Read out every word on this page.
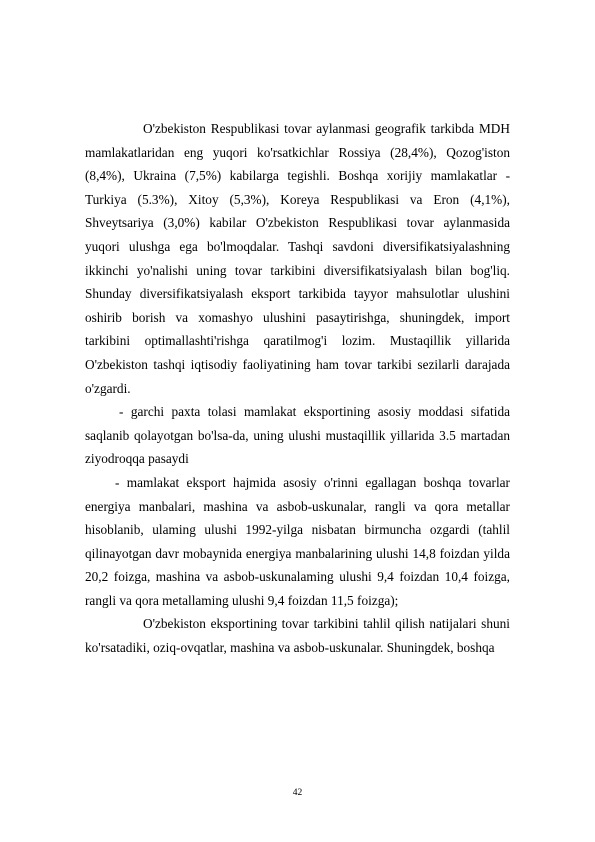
O'zbekiston Respublikasi tovar aylanmasi geografik tarkibda MDH mamlakatlaridan eng yuqori ko'rsatkichlar Rossiya (28,4%), Qozog'iston (8,4%), Ukraina (7,5%) kabilarga tegishli. Boshqa xorijiy mamlakatlar - Turkiya (5.3%), Xitoy (5,3%), Koreya Respublikasi va Eron (4,1%), Shveytsariya (3,0%) kabilar O'zbekiston Respublikasi tovar aylanmasida yuqori ulushga ega bo'lmoqdalar. Tashqi savdoni diversifikatsiyalashning ikkinchi yo'nalishi uning tovar tarkibini diversifikatsiyalash bilan bog'liq. Shunday diversifikatsiyalash eksport tarkibida tayyor mahsulotlar ulushini oshirib borish va xomashyo ulushini pasaytirishga, shuningdek, import tarkibini optimallashti'rishga qaratilmog'i lozim. Mustaqillik yillarida O'zbekiston tashqi iqtisodiy faoliyatining ham tovar tarkibi sezilarli darajada o'zgardi.

- garchi paxta tolasi mamlakat eksportining asosiy moddasi sifatida saqlanib qolayotgan bo'lsa-da, uning ulushi mustaqillik yillarida 3.5 martadan ziyodroqqa pasaydi

- mamlakat eksport hajmida asosiy o'rinni egallagan boshqa tovarlar energiya manbalari, mashina va asbob-uskunalar, rangli va qora metallar hisoblanib, ulaming ulushi 1992-yilga nisbatan birmuncha ozgardi (tahlil qilinayotgan davr mobaynida energiya manbalarining ulushi 14,8 foizdan yilda 20,2 foizga, mashina va asbob-uskunalaming ulushi 9,4 foizdan 10,4 foizga, rangli va qora metallaming ulushi 9,4 foizdan 11,5 foizga);

O'zbekiston eksportining tovar tarkibini tahlil qilish natijalari shuni ko'rsatadiki, oziq-ovqatlar, mashina va asbob-uskunalar. Shuningdek, boshqa

42
